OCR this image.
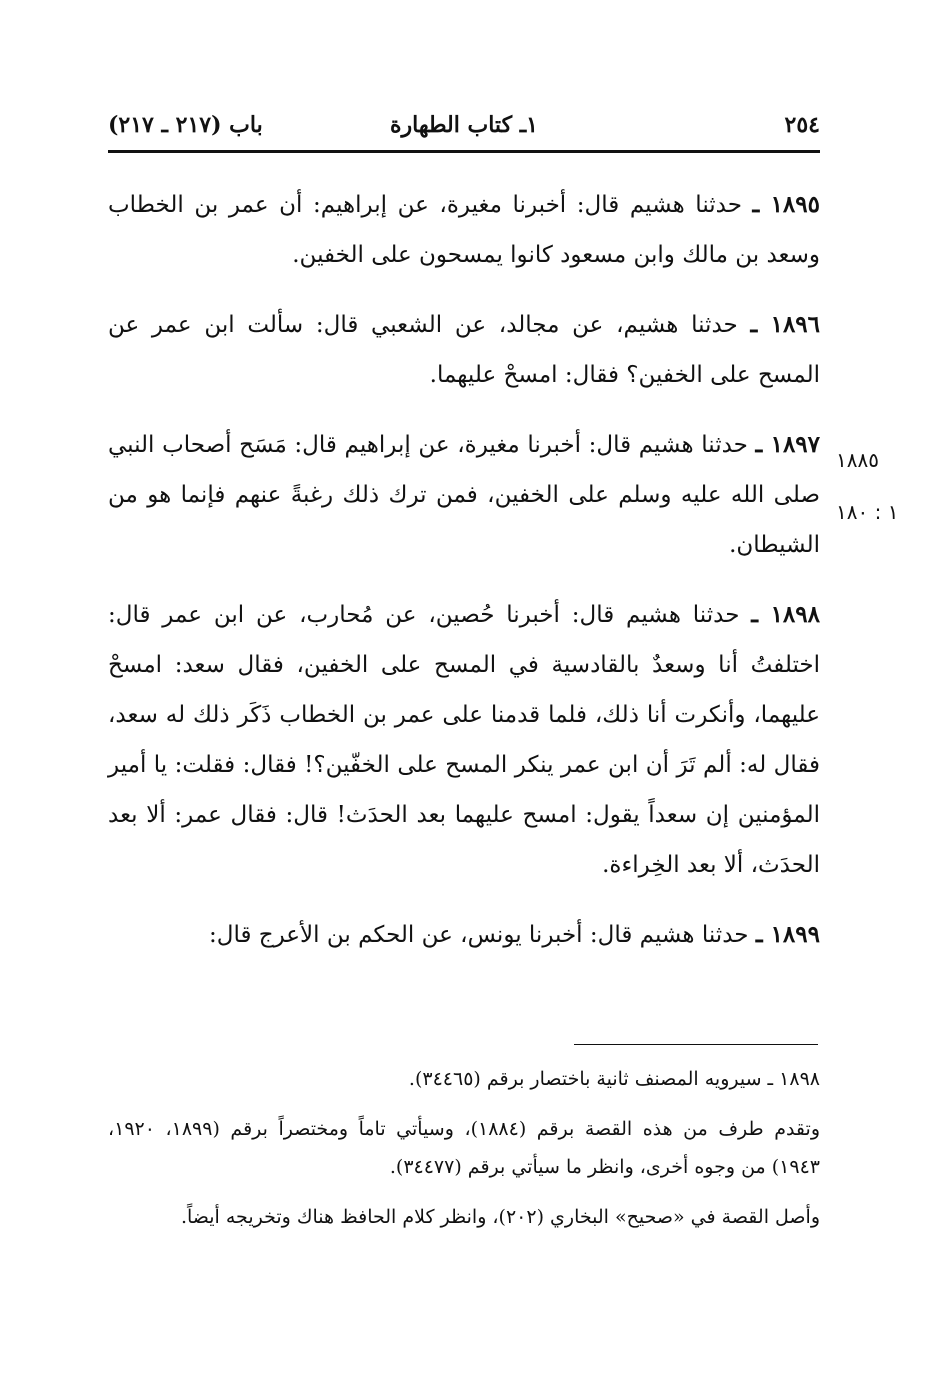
٢٥٤
١ـ كتاب الطهارة
باب (٢١٧ ـ ٢١٧)
١٨٨٥
١ : ١٨٠

١٨٩٥ ـ حدثنا هشيم قال: أخبرنا مغيرة، عن إبراهيم: أن عمر بن الخطاب وسعد بن مالك وابن مسعود كانوا يمسحون على الخفين.

١٨٩٦ ـ حدثنا هشيم، عن مجالد، عن الشعبي قال: سألت ابن عمر عن المسح على الخفين؟ فقال: امسحْ عليهما.

١٨٩٧ ـ حدثنا هشيم قال: أخبرنا مغيرة، عن إبراهيم قال: مَسَح أصحاب النبي صلى الله عليه وسلم على الخفين، فمن ترك ذلك رغبةً عنهم فإنما هو من الشيطان.

١٨٩٨ ـ حدثنا هشيم قال: أخبرنا حُصين، عن مُحارب، عن ابن عمر قال: اختلفتُ أنا وسعدٌ بالقادسية في المسح على الخفين، فقال سعد: امسحْ عليهما، وأنكرت أنا ذلك، فلما قدمنا على عمر بن الخطاب ذَكَر ذلك له سعد، فقال له: ألم تَرَ أن ابن عمر ينكر المسح على الخفّين؟! فقال: فقلت: يا أمير المؤمنين إن سعداً يقول: امسح عليهما بعد الحدَث! قال: فقال عمر: ألا بعد الحدَث، ألا بعد الخِراءة.

١٨٩٩ ـ حدثنا هشيم قال: أخبرنا يونس، عن الحكم بن الأعرج قال:

١٨٩٨ ـ سيرويه المصنف ثانية باختصار برقم (٣٤٤٦٥).

وتقدم طرف من هذه القصة برقم (١٨٨٤)، وسيأتي تاماً ومختصراً برقم (١٨٩٩، ١٩٢٠، ١٩٤٣) من وجوه أخرى، وانظر ما سيأتي برقم (٣٤٤٧٧).

وأصل القصة في «صحيح» البخاري (٢٠٢)، وانظر كلام الحافظ هناك وتخريجه أيضاً.
